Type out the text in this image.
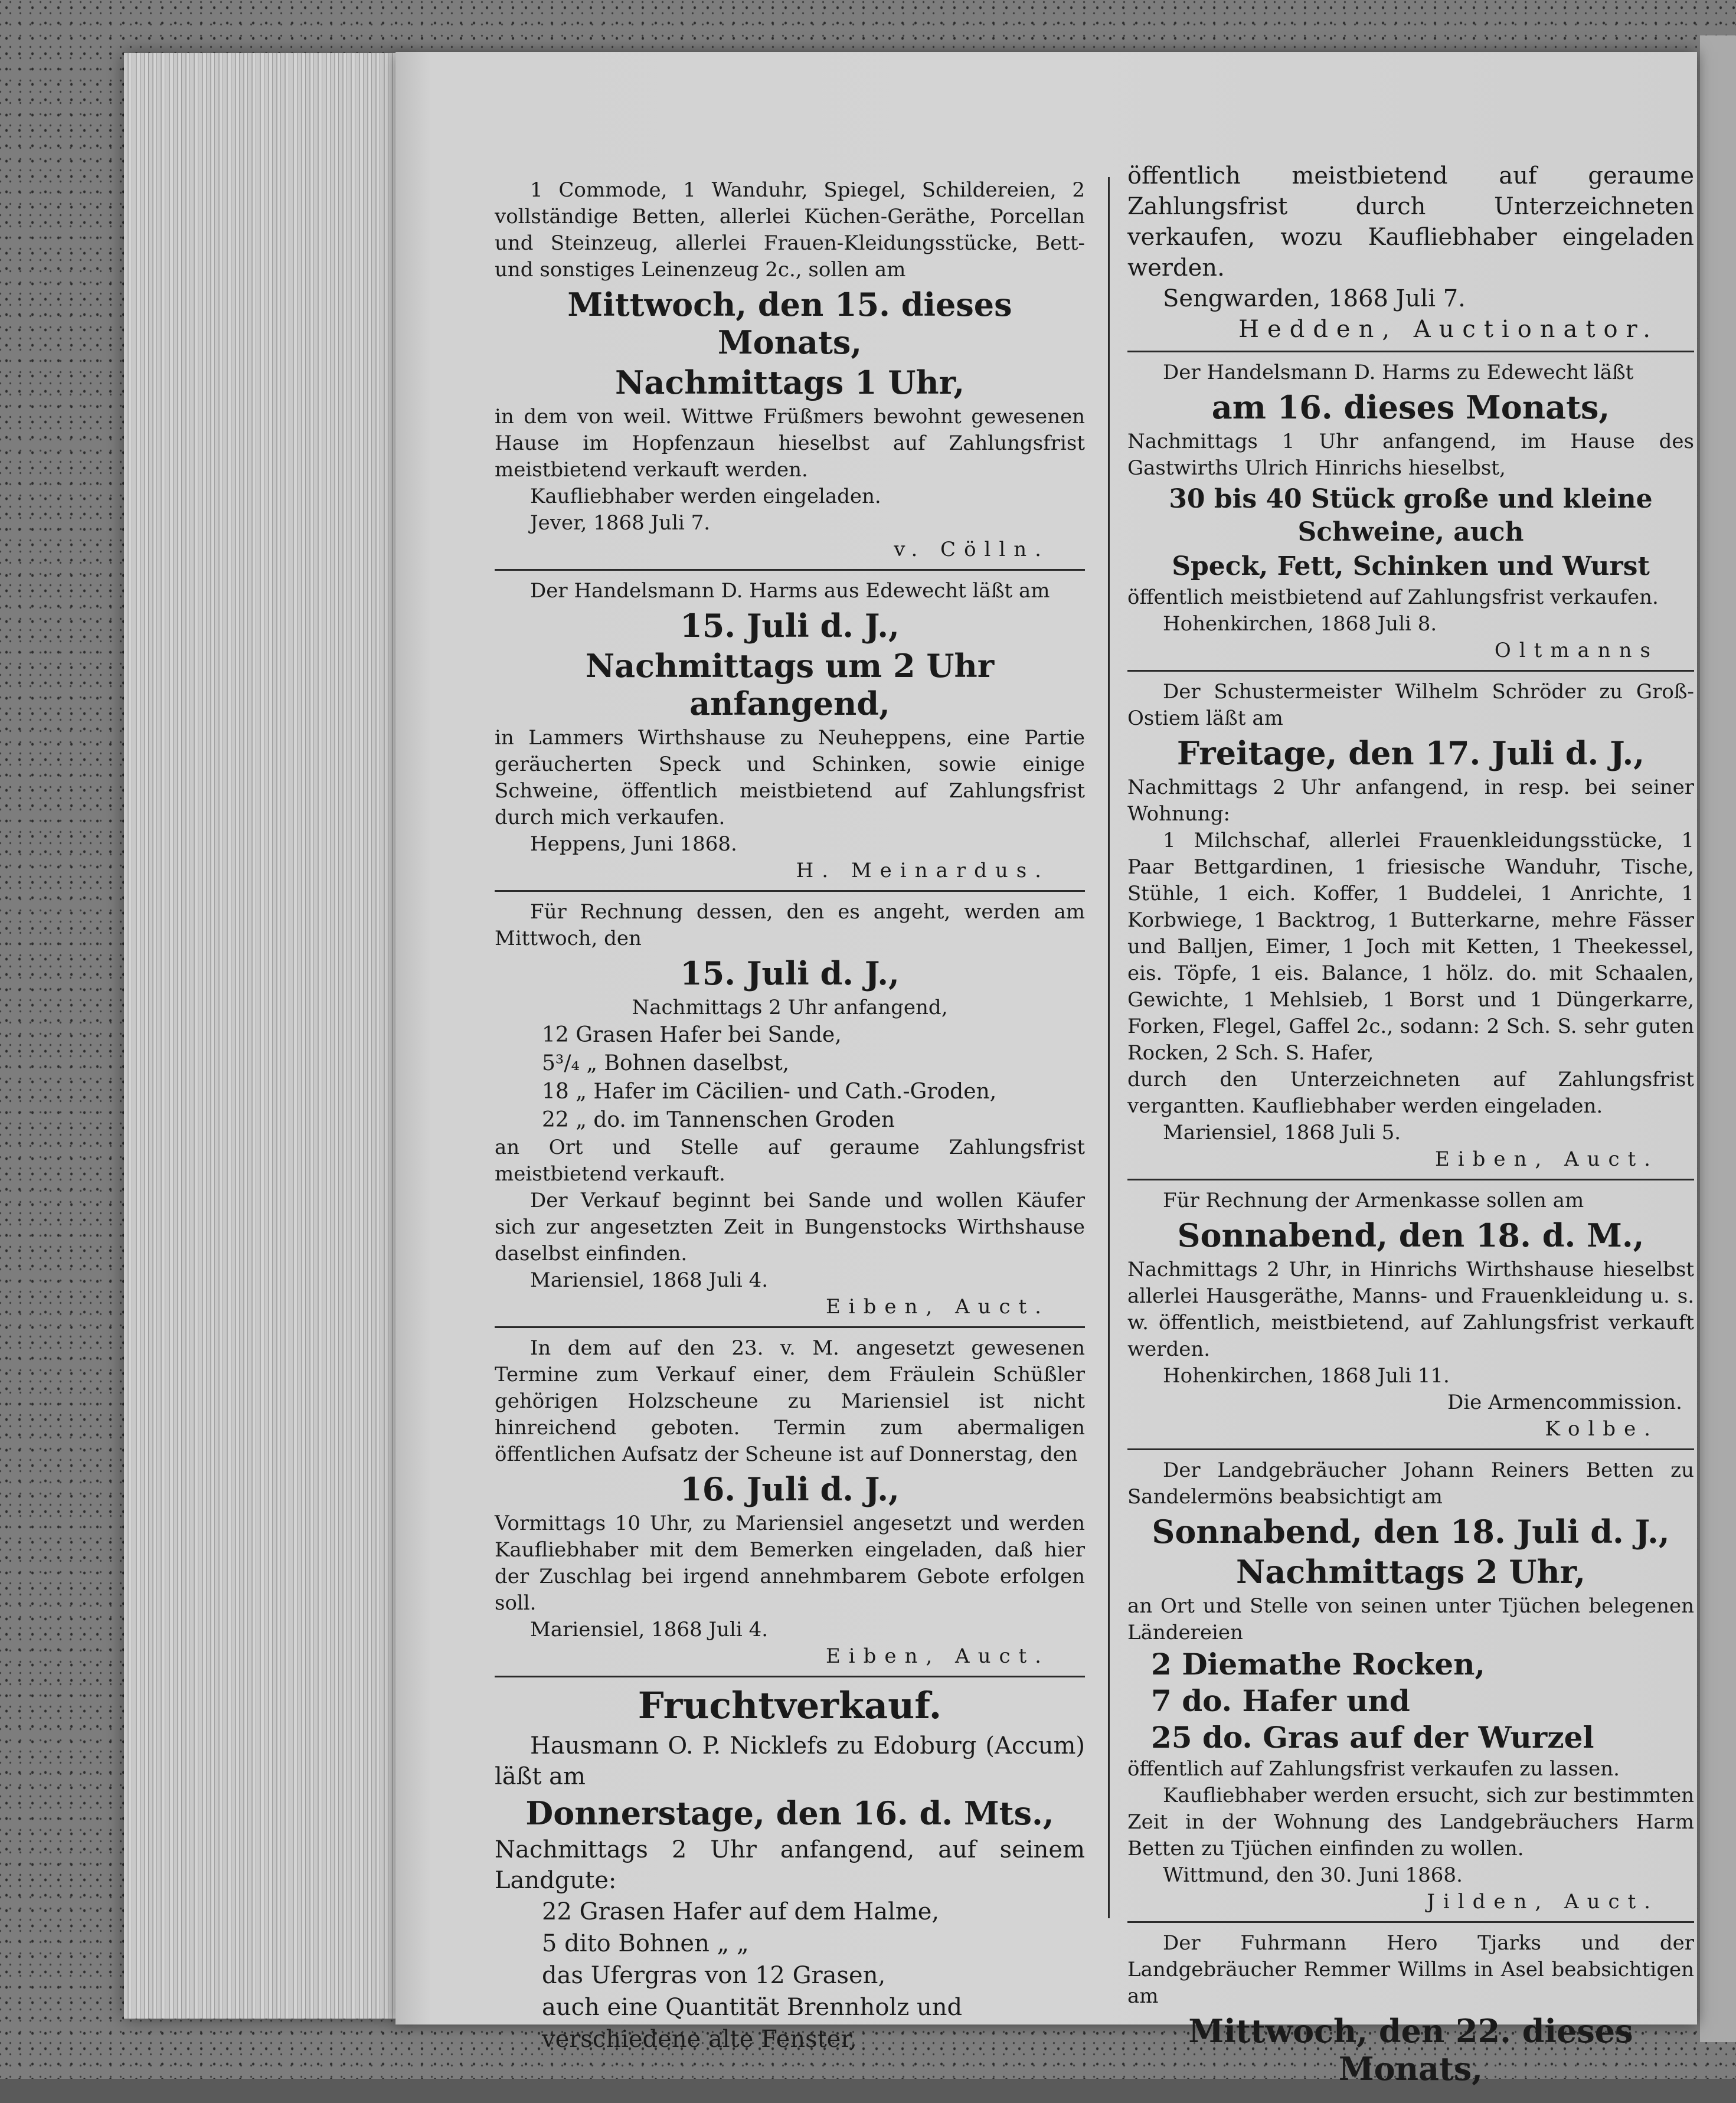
1 Commode, 1 Wanduhr, Spiegel, Schildereien, 2 vollständige Betten, allerlei Küchen-Geräthe, Porcellan und Steinzeug, allerlei Frauen-Kleidungsstücke, Bett- und sonstiges Leinenzeug 2c., sollen am

Mittwoch, den 15. dieses Monats,

Nachmittags 1 Uhr,

in dem von weil. Wittwe Früßmers bewohnt gewesenen Hause im Hopfenzaun hieselbst auf Zahlungsfrist meistbietend verkauft werden.

Kaufliebhaber werden eingeladen.

Jever, 1868 Juli 7.

v. Cölln.

Der Handelsmann D. Harms aus Edewecht läßt am

15. Juli d. J.,

Nachmittags um 2 Uhr anfangend,

in Lammers Wirthshause zu Neuheppens, eine Partie geräucherten Speck und Schinken, sowie einige Schweine, öffentlich meistbietend auf Zahlungsfrist durch mich verkaufen.

Heppens, Juni 1868.

H. Meinardus.

Für Rechnung dessen, den es angeht, werden am Mittwoch, den

15. Juli d. J.,

Nachmittags 2 Uhr anfangend,

12 Grasen Hafer bei Sande,

5³/₄ „ Bohnen daselbst,

18 „ Hafer im Cäcilien- und Cath.-Groden,

22 „ do. im Tannenschen Groden

an Ort und Stelle auf geraume Zahlungsfrist meistbietend verkauft.

Der Verkauf beginnt bei Sande und wollen Käufer sich zur angesetzten Zeit in Bungenstocks Wirthshause daselbst einfinden.

Mariensiel, 1868 Juli 4.

Eiben, Auct.

In dem auf den 23. v. M. angesetzt gewesenen Termine zum Verkauf einer, dem Fräulein Schüßler gehörigen Holzscheune zu Mariensiel ist nicht hinreichend geboten. Termin zum abermaligen öffentlichen Aufsatz der Scheune ist auf Donnerstag, den

16. Juli d. J.,

Vormittags 10 Uhr, zu Mariensiel angesetzt und werden Kaufliebhaber mit dem Bemerken eingeladen, daß hier der Zuschlag bei irgend annehmbarem Gebote erfolgen soll.

Mariensiel, 1868 Juli 4.

Eiben, Auct.

Fruchtverkauf.

Hausmann O. P. Nicklefs zu Edoburg (Accum) läßt am

Donnerstage, den 16. d. Mts.,

Nachmittags 2 Uhr anfangend, auf seinem Landgute:

22 Grasen Hafer auf dem Halme,

5 dito Bohnen „ „

das Ufergras von 12 Grasen,

auch eine Quantität Brennholz und

verschiedene alte Fenster,

öffentlich meistbietend auf geraume Zahlungsfrist durch Unterzeichneten verkaufen, wozu Kaufliebhaber eingeladen werden.

Sengwarden, 1868 Juli 7.

Hedden, Auctionator.

Der Handelsmann D. Harms zu Edewecht läßt

am 16. dieses Monats,

Nachmittags 1 Uhr anfangend, im Hause des Gastwirths Ulrich Hinrichs hieselbst,

30 bis 40 Stück große und kleine Schweine, auch

Speck, Fett, Schinken und Wurst

öffentlich meistbietend auf Zahlungsfrist verkaufen.

Hohenkirchen, 1868 Juli 8.

Oltmanns

Der Schustermeister Wilhelm Schröder zu Groß-Ostiem läßt am

Freitage, den 17. Juli d. J.,

Nachmittags 2 Uhr anfangend, in resp. bei seiner Wohnung:

1 Milchschaf, allerlei Frauenkleidungsstücke, 1 Paar Bettgardinen, 1 friesische Wanduhr, Tische, Stühle, 1 eich. Koffer, 1 Buddelei, 1 Anrichte, 1 Korbwiege, 1 Backtrog, 1 Butterkarne, mehre Fässer und Balljen, Eimer, 1 Joch mit Ketten, 1 Theekessel, eis. Töpfe, 1 eis. Balance, 1 hölz. do. mit Schaalen, Gewichte, 1 Mehlsieb, 1 Borst und 1 Düngerkarre, Forken, Flegel, Gaffel 2c., sodann: 2 Sch. S. sehr guten Rocken, 2 Sch. S. Hafer,

durch den Unterzeichneten auf Zahlungsfrist vergantten. Kaufliebhaber werden eingeladen.

Mariensiel, 1868 Juli 5.

Eiben, Auct.

Für Rechnung der Armenkasse sollen am

Sonnabend, den 18. d. M.,

Nachmittags 2 Uhr, in Hinrichs Wirthshause hieselbst allerlei Hausgeräthe, Manns- und Frauenkleidung u. s. w. öffentlich, meistbietend, auf Zahlungsfrist verkauft werden.

Hohenkirchen, 1868 Juli 11.

Die Armencommission.

Kolbe.

Der Landgebräucher Johann Reiners Betten zu Sandelermöns beabsichtigt am

Sonnabend, den 18. Juli d. J.,

Nachmittags 2 Uhr,

an Ort und Stelle von seinen unter Tjüchen belegenen Ländereien

2 Diemathe Rocken,

7 do. Hafer und

25 do. Gras auf der Wurzel

öffentlich auf Zahlungsfrist verkaufen zu lassen.

Kaufliebhaber werden ersucht, sich zur bestimmten Zeit in der Wohnung des Landgebräuchers Harm Betten zu Tjüchen einfinden zu wollen.

Wittmund, den 30. Juni 1868.

Jilden, Auct.

Der Fuhrmann Hero Tjarks und der Landgebräucher Remmer Willms in Asel beabsichtigen am

Mittwoch, den 22. dieses Monats,
